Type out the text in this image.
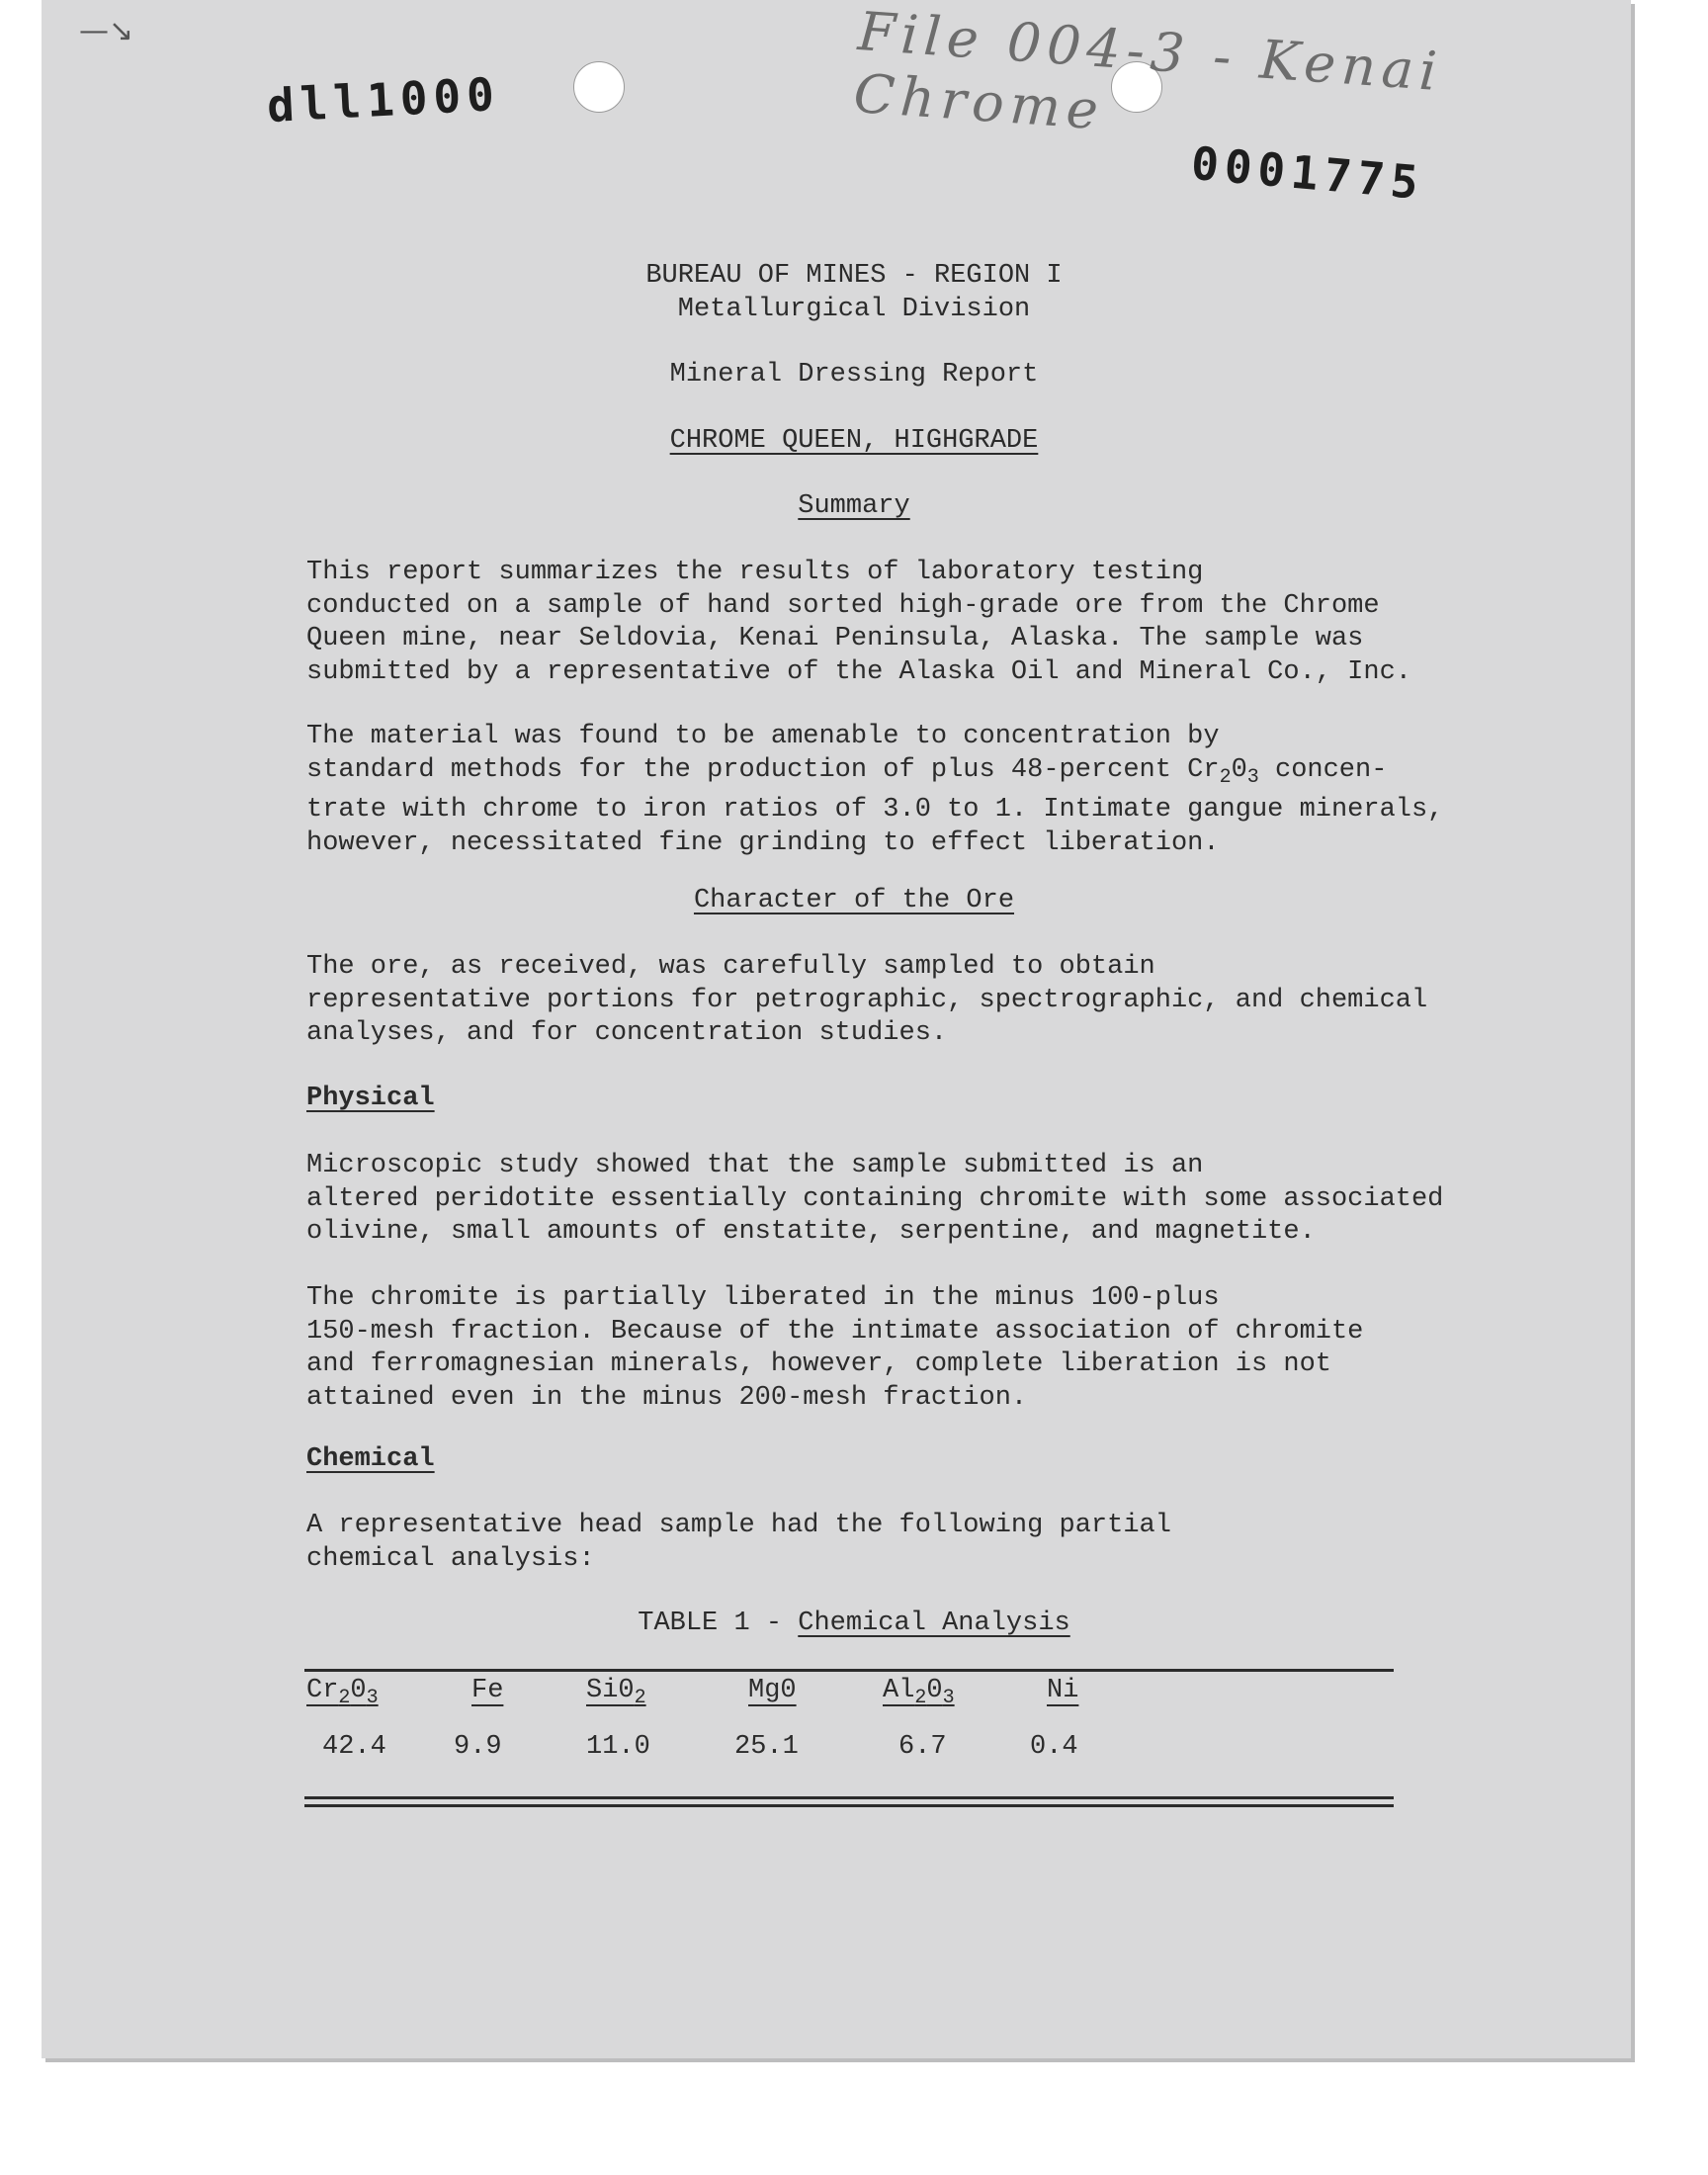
—↘
dll1000	File 004-3 - Kenai Chrome
0001775
BUREAU OF MINES - REGION I
Metallurgical Division
Mineral Dressing Report
CHROME QUEEN, HIGHGRADE
Summary
This report summarizes the results of laboratory testing
conducted on a sample of hand sorted high-grade ore from the Chrome
Queen mine, near Seldovia, Kenai Peninsula, Alaska. The sample was
submitted by a representative of the Alaska Oil and Mineral Co., Inc.
The material was found to be amenable to concentration by
standard methods for the production of plus 48-percent $Cr_20_3$ concen-
trate with chrome to iron ratios of 3.0 to 1. Intimate gangue minerals,
however, necessitated fine grinding to effect liberation.
Character of the Ore
The ore, as received, was carefully sampled to obtain
representative portions for petrographic, spectrographic, and chemical
analyses, and for concentration studies.
Physical
Microscopic study showed that the sample submitted is an
altered peridotite essentially containing chromite with some associated
olivine, small amounts of enstatite, serpentine, and magnetite.
The chromite is partially liberated in the minus 100-plus
150-mesh fraction. Because of the intimate association of chromite
and ferromagnesian minerals, however, complete liberation is not
attained even in the minus 200-mesh fraction.
Chemical
A representative head sample had the following partial
chemical analysis:
TABLE 1 - Chemical Analysis
$Cr_20_3$	Fe	$Si0_2$	Mg0	$Al_20_3$	Ni
42.4	9.9	11.0	25.1	6.7	0.4
